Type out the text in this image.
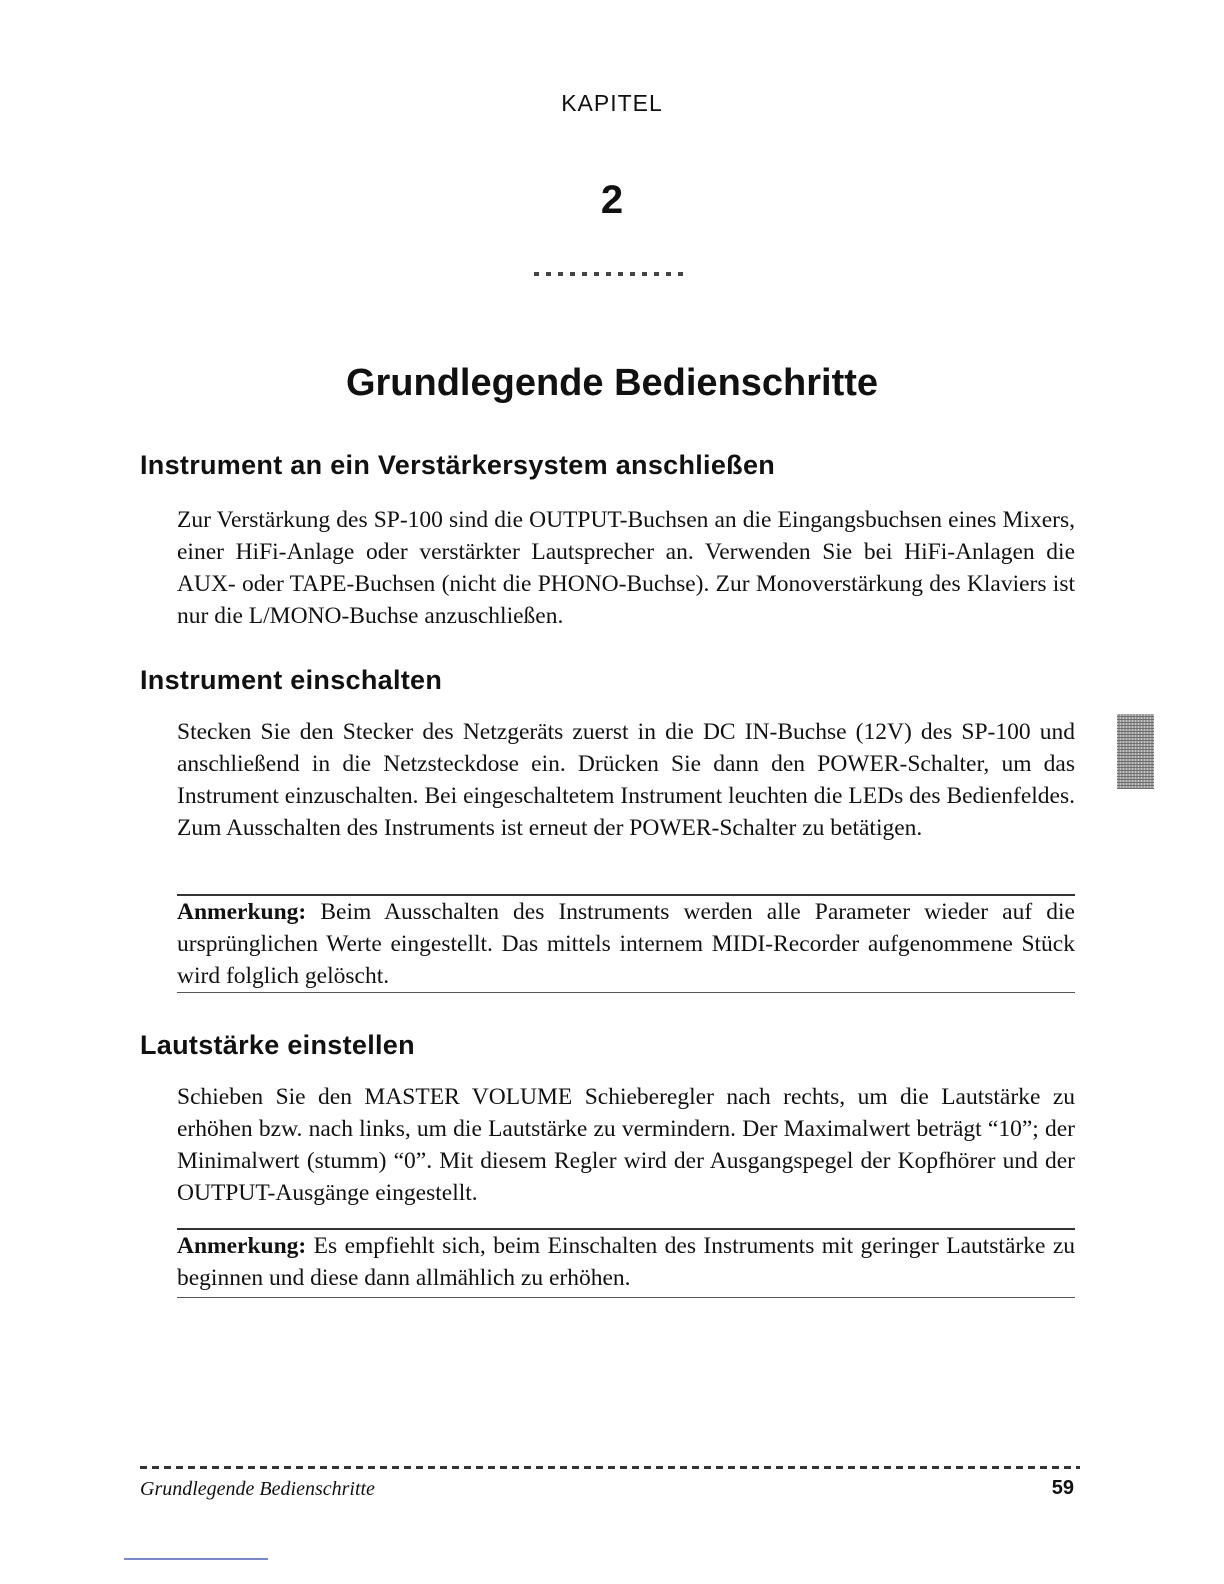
KAPITEL
2
Grundlegende Bedienschritte
Instrument an ein Verstärkersystem anschließen
Zur Verstärkung des SP-100 sind die OUTPUT-Buchsen an die Eingangsbuchsen eines Mixers, einer HiFi-Anlage oder verstärkter Lautsprecher an. Verwenden Sie bei HiFi-Anlagen die AUX- oder TAPE-Buchsen (nicht die PHONO-Buchse). Zur Monoverstärkung des Klaviers ist nur die L/MONO-Buchse anzuschließen.
Instrument einschalten
Stecken Sie den Stecker des Netzgeräts zuerst in die DC IN-Buchse (12V) des SP-100 und anschließend in die Netzsteckdose ein. Drücken Sie dann den POWER-Schalter, um das Instrument einzuschalten. Bei eingeschaltetem Instrument leuchten die LEDs des Bedienfeldes. Zum Ausschalten des Instruments ist erneut der POWER-Schalter zu betätigen.
Anmerkung: Beim Ausschalten des Instruments werden alle Parameter wieder auf die ursprünglichen Werte eingestellt. Das mittels internem MIDI-Recorder aufgenommene Stück wird folglich gelöscht.
Lautstärke einstellen
Schieben Sie den MASTER VOLUME Schieberegler nach rechts, um die Lautstärke zu erhöhen bzw. nach links, um die Lautstärke zu vermindern. Der Maximalwert beträgt “10”; der Minimalwert (stumm) “0”. Mit diesem Regler wird der Ausgangspegel der Kopfhörer und der OUTPUT-Ausgänge eingestellt.
Anmerkung: Es empfiehlt sich, beim Einschalten des Instruments mit geringer Lautstärke zu beginnen und diese dann allmählich zu erhöhen.
Grundlegende Bedienschritte	59
